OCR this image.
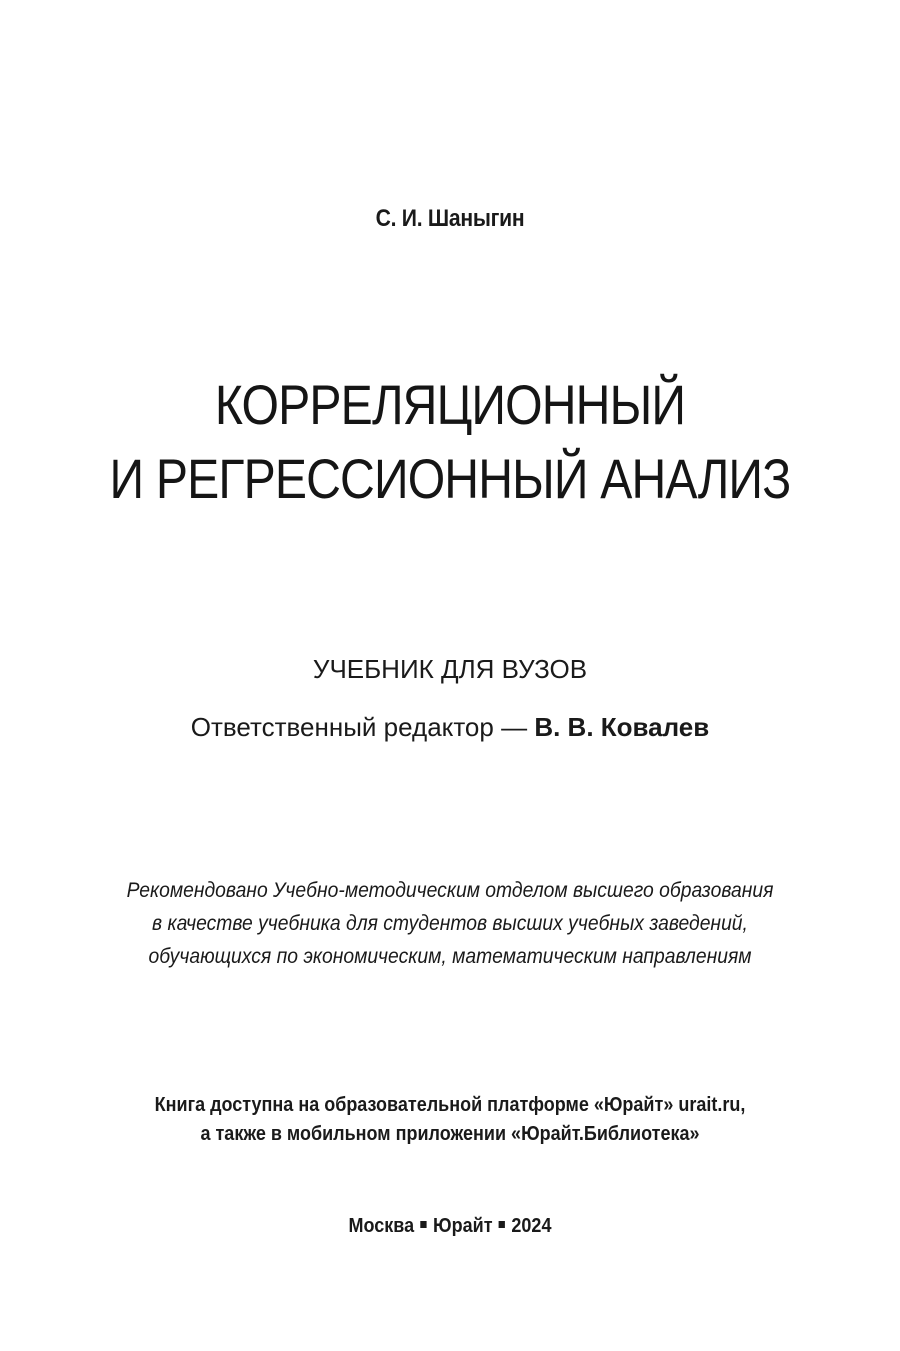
С. И. Шаныгин

КОРРЕЛЯЦИОННЫЙ
И РЕГРЕССИОННЫЙ АНАЛИЗ

УЧЕБНИК ДЛЯ ВУЗОВ

Ответственный редактор — В. В. Ковалев

Рекомендовано Учебно-методическим отделом высшего образования
в качестве учебника для студентов высших учебных заведений,
обучающихся по экономическим, математическим направлениям

Книга доступна на образовательной платформе «Юрайт» urait.ru,
а также в мобильном приложении «Юрайт.Библиотека»

Москва Юрайт 2024
